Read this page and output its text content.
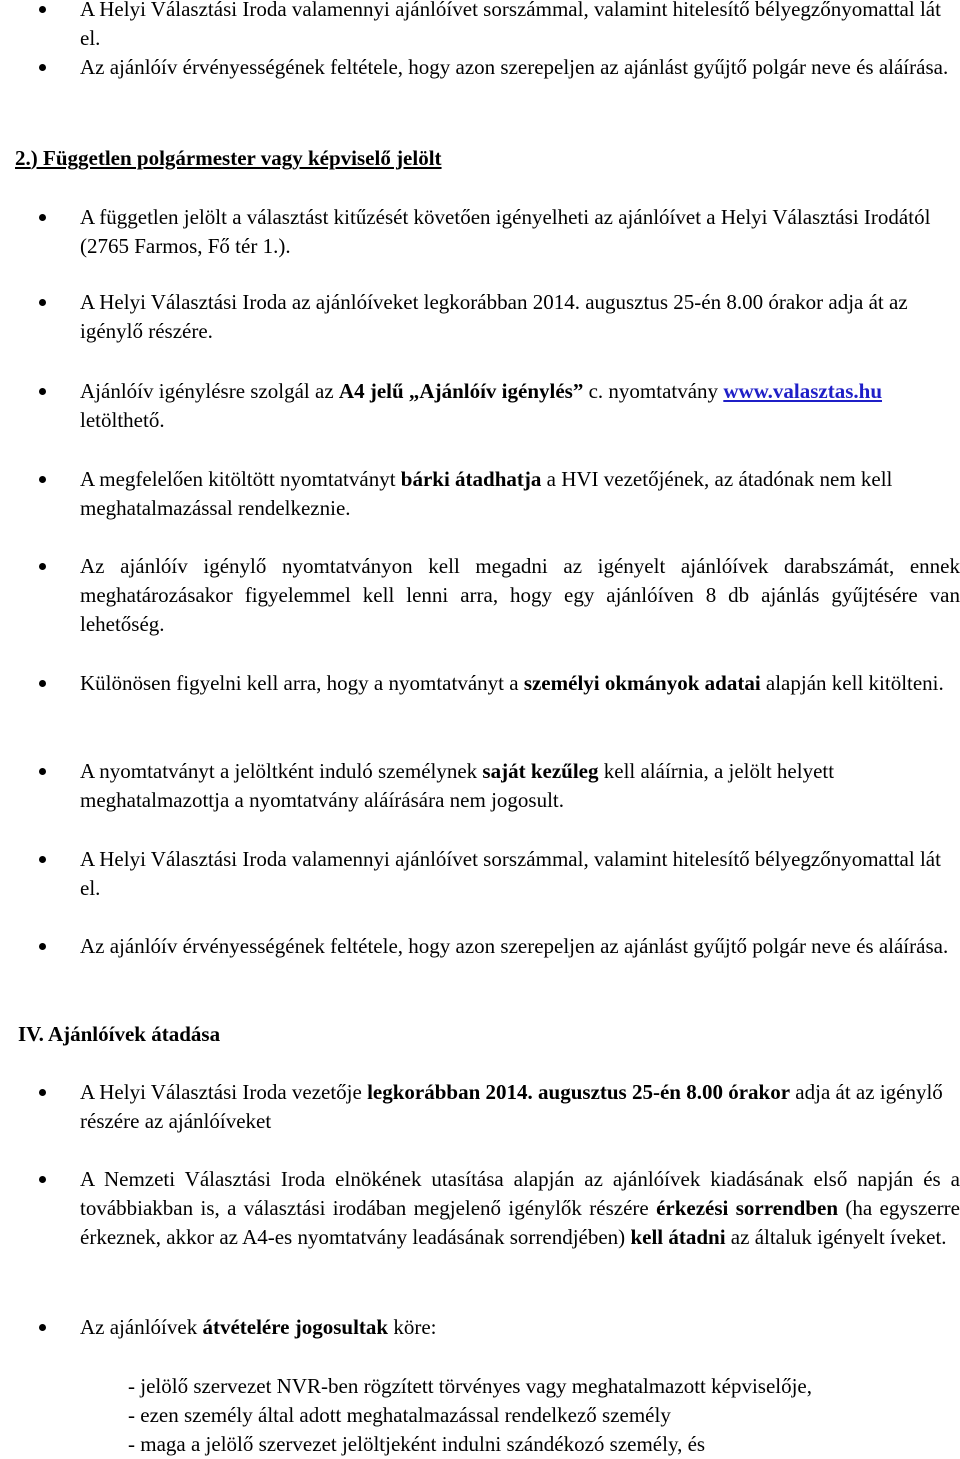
A Helyi Választási Iroda valamennyi ajánlóívet sorszámmal, valamint hitelesítő bélyegzőnyomattal lát el.
Az ajánlóív érvényességének feltétele, hogy azon szerepeljen az ajánlást gyűjtő polgár neve és aláírása.
2.) Független polgármester vagy képviselő jelölt
A független jelölt a választást kitűzését követően igényelheti az ajánlóívet a Helyi Választási Irodától (2765 Farmos, Fő tér 1.).
A Helyi Választási Iroda az ajánlóíveket legkorábban 2014. augusztus 25-én 8.00 órakor adja át az igénylő részére.
Ajánlóív igénylésre szolgál az A4 jelű „Ajánlóív igénylés” c. nyomtatvány www.valasztas.hu letölthető.
A megfelelően kitöltött nyomtatványt bárki átadhatja a HVI vezetőjének, az átadónak nem kell meghatalmazással rendelkeznie.
Az ajánlóív igénylő nyomtatványon kell megadni az igényelt ajánlóívek darabszámát, ennek meghatározásakor figyelemmel kell lenni arra, hogy egy ajánlóíven 8 db ajánlás gyűjtésére van lehetőség.
Különösen figyelni kell arra, hogy a nyomtatványt a személyi okmányok adatai alapján kell kitölteni.
A nyomtatványt a jelöltként induló személynek saját kezűleg kell aláírnia, a jelölt helyett meghatalmazottja a nyomtatvány aláírására nem jogosult.
A Helyi Választási Iroda valamennyi ajánlóívet sorszámmal, valamint hitelesítő bélyegzőnyomattal lát el.
Az ajánlóív érvényességének feltétele, hogy azon szerepeljen az ajánlást gyűjtő polgár neve és aláírása.
IV. Ajánlóívek átadása
A Helyi Választási Iroda vezetője legkorábban 2014. augusztus 25-én 8.00 órakor adja át az igénylő részére az ajánlóíveket
A Nemzeti Választási Iroda elnökének utasítása alapján az ajánlóívek kiadásának első napján és a továbbiakban is, a választási irodában megjelenő igénylők részére érkezési sorrendben (ha egyszerre érkeznek, akkor az A4-es nyomtatvány leadásának sorrendjében) kell átadni az általuk igényelt íveket.
Az ajánlóívek átvételére jogosultak köre:
- jelölő szervezet NVR-ben rögzített törvényes vagy meghatalmazott képviselője,
- ezen személy által adott meghatalmazással rendelkező személy
- maga a jelölő szervezet jelöltjeként indulni szándékozó személy, és
